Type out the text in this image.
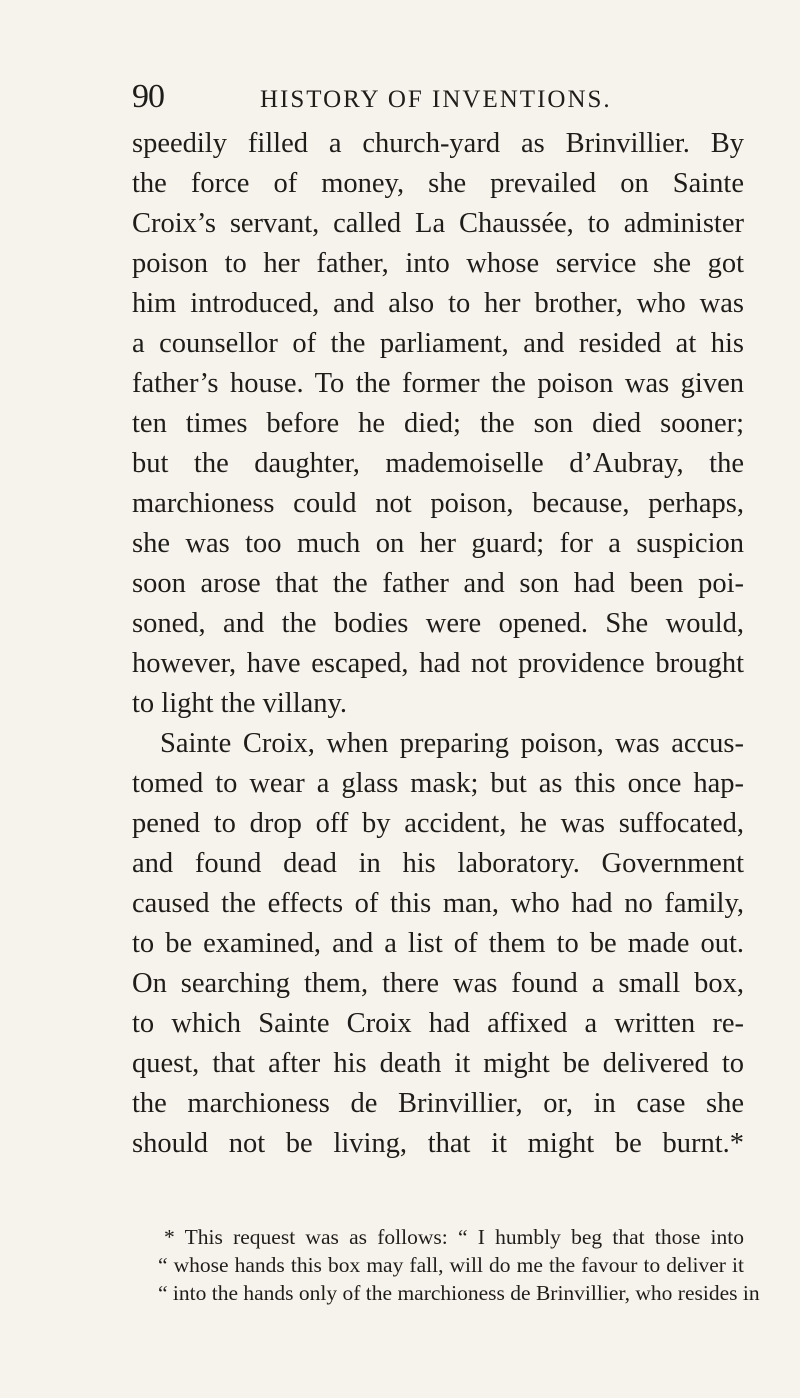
90	HISTORY OF INVENTIONS.
speedily filled a church-yard as Brinvillier. By
the force of money, she prevailed on Sainte
Croix’s servant, called La Chaussée, to administer
poison to her father, into whose service she got
him introduced, and also to her brother, who was
a counsellor of the parliament, and resided at his
father’s house. To the former the poison was given
ten times before he died; the son died sooner;
but the daughter, mademoiselle d’Aubray, the
marchioness could not poison, because, perhaps,
she was too much on her guard; for a suspicion
soon arose that the father and son had been poi-
soned, and the bodies were opened. She would,
however, have escaped, had not providence brought
to light the villany.
Sainte Croix, when preparing poison, was accus-
tomed to wear a glass mask; but as this once hap-
pened to drop off by accident, he was suffocated,
and found dead in his laboratory. Government
caused the effects of this man, who had no family,
to be examined, and a list of them to be made out.
On searching them, there was found a small box,
to which Sainte Croix had affixed a written re-
quest, that after his death it might be delivered to
the marchioness de Brinvillier, or, in case she
should not be living, that it might be burnt.*
* This request was as follows: “ I humbly beg that those into
“ whose hands this box may fall, will do me the favour to deliver it
“ into the hands only of the marchioness de Brinvillier, who resides in
